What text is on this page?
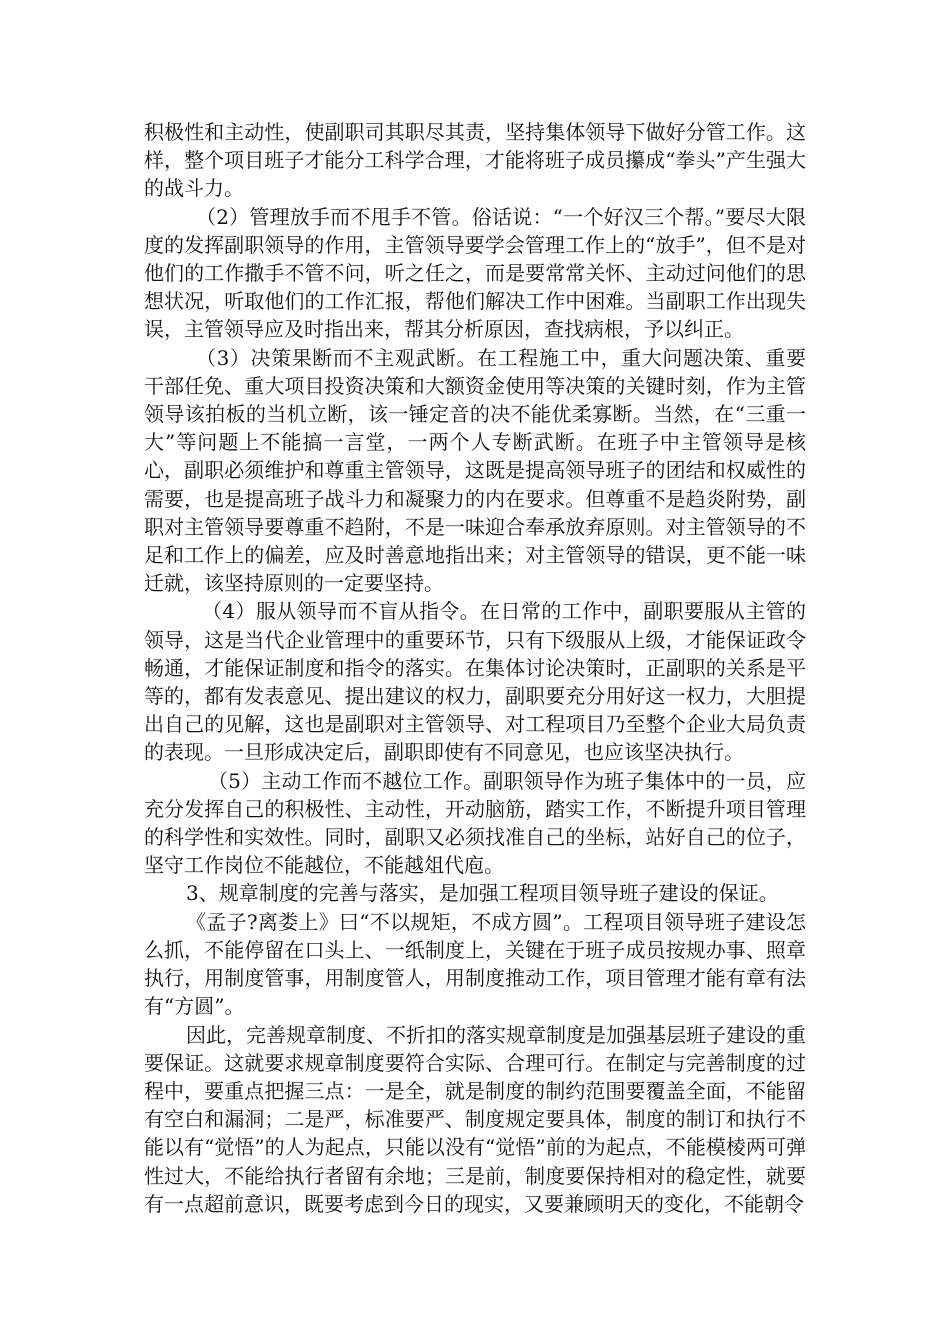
积极性和主动性，使副职司其职尽其责，坚持集体领导下做好分管工作。这样，整个项目班子才能分工科学合理，才能将班子成员攥成“拳头”产生强大的战斗力。

（2）管理放手而不甩手不管。俗话说：“一个好汉三个帮。”要尽大限度的发挥副职领导的作用，主管领导要学会管理工作上的“放手”，但不是对他们的工作撒手不管不问，听之任之，而是要常常关怀、主动过问他们的思想状况，听取他们的工作汇报，帮他们解决工作中困难。当副职工作出现失误，主管领导应及时指出来，帮其分析原因，查找病根，予以纠正。

（3）决策果断而不主观武断。在工程施工中，重大问题决策、重要干部任免、重大项目投资决策和大额资金使用等决策的关键时刻，作为主管领导该拍板的当机立断，该一锤定音的决不能优柔寡断。当然，在“三重一大”等问题上不能搞一言堂，一两个人专断武断。在班子中主管领导是核心，副职必须维护和尊重主管领导，这既是提高领导班子的团结和权威性的需要，也是提高班子战斗力和凝聚力的内在要求。但尊重不是趋炎附势，副职对主管领导要尊重不趋附，不是一味迎合奉承放弃原则。对主管领导的不足和工作上的偏差，应及时善意地指出来；对主管领导的错误，更不能一味迁就，该坚持原则的一定要坚持。

（4）服从领导而不盲从指令。在日常的工作中，副职要服从主管的领导，这是当代企业管理中的重要环节，只有下级服从上级，才能保证政令畅通，才能保证制度和指令的落实。在集体讨论决策时，正副职的关系是平等的，都有发表意见、提出建议的权力，副职要充分用好这一权力，大胆提出自己的见解，这也是副职对主管领导、对工程项目乃至整个企业大局负责的表现。一旦形成决定后，副职即使有不同意见，也应该坚决执行。

（5）主动工作而不越位工作。副职领导作为班子集体中的一员，应充分发挥自己的积极性、主动性，开动脑筋，踏实工作，不断提升项目管理的科学性和实效性。同时，副职又必须找准自己的坐标，站好自己的位子，坚守工作岗位不能越位，不能越俎代庖。

3、规章制度的完善与落实，是加强工程项目领导班子建设的保证。

《孟子?离娄上》曰“不以规矩，不成方圆”。工程项目领导班子建设怎么抓，不能停留在口头上、一纸制度上，关键在于班子成员按规办事、照章执行，用制度管事，用制度管人，用制度推动工作，项目管理才能有章有法有“方圆”。

因此，完善规章制度、不折扣的落实规章制度是加强基层班子建设的重要保证。这就要求规章制度要符合实际、合理可行。在制定与完善制度的过程中，要重点把握三点：一是全，就是制度的制约范围要覆盖全面，不能留有空白和漏洞；二是严，标准要严、制度规定要具体，制度的制订和执行不能以有“觉悟”的人为起点，只能以没有“觉悟”前的为起点，不能模棱两可弹性过大，不能给执行者留有余地；三是前，制度要保持相对的稳定性，就要有一点超前意识，既要考虑到今日的现实，又要兼顾明天的变化，不能朝令
